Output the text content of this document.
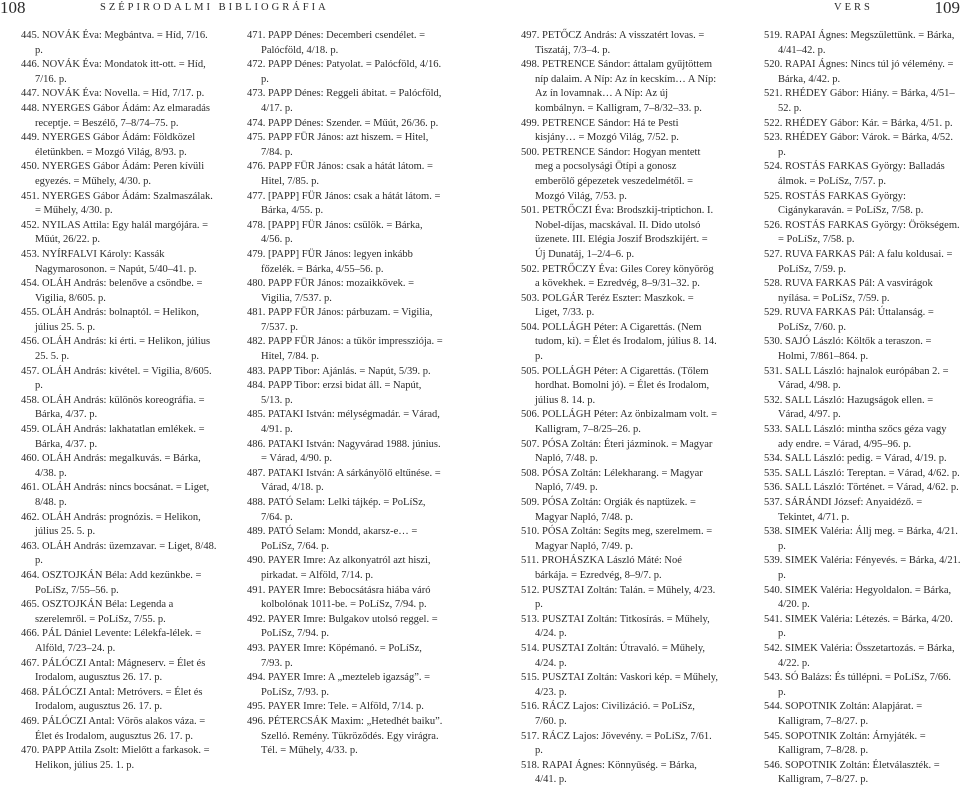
108	SZÉPIRODALMI BIBLIOGRÁFIA	VERS	109

445. NOVÁK Éva: Megbántva. = Híd, 7/16. p.

446. NOVÁK Éva: Mondatok itt-ott. = Híd, 7/16. p.

447. NOVÁK Éva: Novella. = Híd, 7/17. p.

448. NYERGES Gábor Ádám: Az elmaradás receptje. = Beszélő, 7–8/74–75. p.

449. NYERGES Gábor Ádám: Földközel életünkben. = Mozgó Világ, 8/93. p.

450. NYERGES Gábor Ádám: Peren kívüli egyezés. = Műhely, 4/30. p.

451. NYERGES Gábor Ádám: Szalmaszálak. = Műhely, 4/30. p.

452. NYILAS Attila: Egy halál margójára. = Műút, 26/22. p.

453. NYÍRFALVI Károly: Kassák Nagymarosonon. = Napút, 5/40–41. p.

454. OLÁH András: belenőve a csöndbe. = Vigilia, 8/605. p.

455. OLÁH András: bolnaptól. = Helikon, július 25. 5. p.

456. OLÁH András: ki érti. = Helikon, július 25. 5. p.

457. OLÁH András: kivétel. = Vigilia, 8/605. p.

458. OLÁH András: különös koreográfia. = Bárka, 4/37. p.

459. OLÁH András: lakhatatlan emlékek. = Bárka, 4/37. p.

460. OLÁH András: megalkuvás. = Bárka, 4/38. p.

461. OLÁH András: nincs bocsánat. = Liget, 8/48. p.

462. OLÁH András: prognózis. = Helikon, július 25. 5. p.

463. OLÁH András: üzemzavar. = Liget, 8/48. p.

464. OSZTOJKÁN Béla: Add kezünkbe. = PoLíSz, 7/55–56. p.

465. OSZTOJKÁN Béla: Legenda a szerelemről. = PoLíSz, 7/55. p.

466. PÁL Dániel Levente: Lélekfa-lélek. = Alföld, 7/23–24. p.

467. PÁLÓCZI Antal: Mágneserv. = Élet és Irodalom, augusztus 26. 17. p.

468. PÁLÓCZI Antal: Metróvers. = Élet és Irodalom, augusztus 26. 17. p.

469. PÁLÓCZI Antal: Vörös alakos váza. = Élet és Irodalom, augusztus 26. 17. p.

470. PAPP Attila Zsolt: Mielőtt a farkasok. = Helikon, július 25. 1. p.

471. PAPP Dénes: Decemberi csendélet. = Palócföld, 4/18. p.

472. PAPP Dénes: Patyolat. = Palócföld, 4/16. p.

473. PAPP Dénes: Reggeli ábitat. = Palócföld, 4/17. p.

474. PAPP Dénes: Szender. = Műút, 26/36. p.

475. PAPP FÜR János: azt hiszem. = Hitel, 7/84. p.

476. PAPP FÜR János: csak a hátát látom. = Hitel, 7/85. p.

477. [PAPP] FÜR János: csak a hátát látom. = Bárka, 4/55. p.

478. [PAPP] FÜR János: csülök. = Bárka, 4/56. p.

479. [PAPP] FÜR János: legyen inkább főzelék. = Bárka, 4/55–56. p.

480. PAPP FÜR János: mozaikkövek. = Vigilia, 7/537. p.

481. PAPP FÜR János: párbuzam. = Vigilia, 7/537. p.

482. PAPP FÜR János: a tükör impressziója. = Hitel, 7/84. p.

483. PAPP Tibor: Ajánlás. = Napút, 5/39. p.

484. PAPP Tibor: erzsi bidat áll. = Napút, 5/13. p.

485. PATAKI István: mélységmadár. = Várad, 4/91. p.

486. PATAKI István: Nagyvárad 1988. június. = Várad, 4/90. p.

487. PATAKI István: A sárkányölő eltűnése. = Várad, 4/18. p.

488. PATÓ Selam: Lelki tájkép. = PoLíSz, 7/64. p.

489. PATÓ Selam: Mondd, akarsz-e… = PoLíSz, 7/64. p.

490. PAYER Imre: Az alkonyatról azt hiszi, pirkadat. = Alföld, 7/14. p.

491. PAYER Imre: Bebocsátásra hiába váró kolbolónak 1011-be. = PoLíSz, 7/94. p.

492. PAYER Imre: Bulgakov utolsó reggel. = PoLíSz, 7/94. p.

493. PAYER Imre: Köpémanó. = PoLíSz, 7/93. p.

494. PAYER Imre: A „mezteleb igazság”. = PoLíSz, 7/93. p.

495. PAYER Imre: Tele. = Alföld, 7/14. p.

496. PÉTERCSÁK Maxim: „Hetedhét baiku”. Szelló. Remény. Tükröződés. Egy virágra. Tél. = Műhely, 4/33. p.

497. PETŐCZ András: A visszatért lovas. = Tiszatáj, 7/3–4. p.

498. PETRENCE Sándor: áttalam gyűjtöttem níp dalaim. A Níp: Az ín kecskím… A Níp: Az ín lovamnak… A Níp: Az új kombálnyn. = Kalligram, 7–8/32–33. p.

499. PETRENCE Sándor: Há te Pesti kisjány… = Mozgó Világ, 7/52. p.

500. PETRENCE Sándor: Hogyan mentett meg a pocsolysági Ötípi a gonosz emberölő gépezetek veszedelmétől. = Mozgó Világ, 7/53. p.

501. PETRŐCZI Éva: Brodszkij-triptichon. I. Nobel-díjas, macskával. II. Dido utolsó üzenete. III. Elégia Joszif Brodszkijért. = Új Dunatáj, 1–2/4–6. p.

502. PETRŐCZY Éva: Giles Corey könyörög a kövekhek. = Ezredvég, 8–9/31–32. p.

503. POLGÁR Teréz Eszter: Maszkok. = Liget, 7/33. p.

504. POLLÁGH Péter: A Cigarettás. (Nem tudom, ki). = Élet és Irodalom, július 8. 14. p.

505. POLLÁGH Péter: A Cigarettás. (Tőlem hordhat. Bomolni jó). = Élet és Irodalom, július 8. 14. p.

506. POLLÁGH Péter: Az önbizalmam volt. = Kalligram, 7–8/25–26. p.

507. PÓSA Zoltán: Éteri jázminok. = Magyar Napló, 7/48. p.

508. PÓSA Zoltán: Lélekharang. = Magyar Napló, 7/49. p.

509. PÓSA Zoltán: Orgiák és naptüzek. = Magyar Napló, 7/48. p.

510. PÓSA Zoltán: Segíts meg, szerelmem. = Magyar Napló, 7/49. p.

511. PROHÁSZKA László Máté: Noé bárkája. = Ezredvég, 8–9/7. p.

512. PUSZTAI Zoltán: Talán. = Műhely, 4/23. p.

513. PUSZTAI Zoltán: Titkosírás. = Műhely, 4/24. p.

514. PUSZTAI Zoltán: Útravaló. = Műhely, 4/24. p.

515. PUSZTAI Zoltán: Vaskori kép. = Műhely, 4/23. p.

516. RÁCZ Lajos: Civilizáció. = PoLíSz, 7/60. p.

517. RÁCZ Lajos: Jövevény. = PoLíSz, 7/61. p.

518. RAPAI Ágnes: Könnyűség. = Bárka, 4/41. p.

519. RAPAI Ágnes: Megszülettünk. = Bárka, 4/41–42. p.

520. RAPAI Ágnes: Nincs túl jó vélemény. = Bárka, 4/42. p.

521. RHÉDEY Gábor: Hiány. = Bárka, 4/51–52. p.

522. RHÉDEY Gábor: Kár. = Bárka, 4/51. p.

523. RHÉDEY Gábor: Várok. = Bárka, 4/52. p.

524. ROSTÁS FARKAS György: Balladás álmok. = PoLíSz, 7/57. p.

525. ROSTÁS FARKAS György: Cigánykaraván. = PoLíSz, 7/58. p.

526. ROSTÁS FARKAS György: Örökségem. = PoLíSz, 7/58. p.

527. RUVA FARKAS Pál: A falu koldusai. = PoLíSz, 7/59. p.

528. RUVA FARKAS Pál: A vasvirágok nyílása. = PoLíSz, 7/59. p.

529. RUVA FARKAS Pál: Úttalanság. = PoLíSz, 7/60. p.

530. SAJÓ László: Költők a teraszon. = Holmi, 7/861–864. p.

531. SALL László: hajnalok európában 2. = Várad, 4/98. p.

532. SALL László: Hazugságok ellen. = Várad, 4/97. p.

533. SALL László: mintha szőcs géza vagy ady endre. = Várad, 4/95–96. p.

534. SALL László: pedig. = Várad, 4/19. p.

535. SALL László: Tereptan. = Várad, 4/62. p.

536. SALL László: Történet. = Várad, 4/62. p.

537. SÁRÁNDI József: Anyaidéző. = Tekintet, 4/71. p.

538. SIMEK Valéria: Állj meg. = Bárka, 4/21. p.

539. SIMEK Valéria: Fényevés. = Bárka, 4/21. p.

540. SIMEK Valéria: Hegyoldalon. = Bárka, 4/20. p.

541. SIMEK Valéria: Létezés. = Bárka, 4/20. p.

542. SIMEK Valéria: Összetartozás. = Bárka, 4/22. p.

543. SÓ Balázs: És túllépni. = PoLíSz, 7/66. p.

544. SOPOTNIK Zoltán: Alapjárat. = Kalligram, 7–8/27. p.

545. SOPOTNIK Zoltán: Árnyjáték. = Kalligram, 7–8/28. p.

546. SOPOTNIK Zoltán: Életválaszték. = Kalligram, 7–8/27. p.
